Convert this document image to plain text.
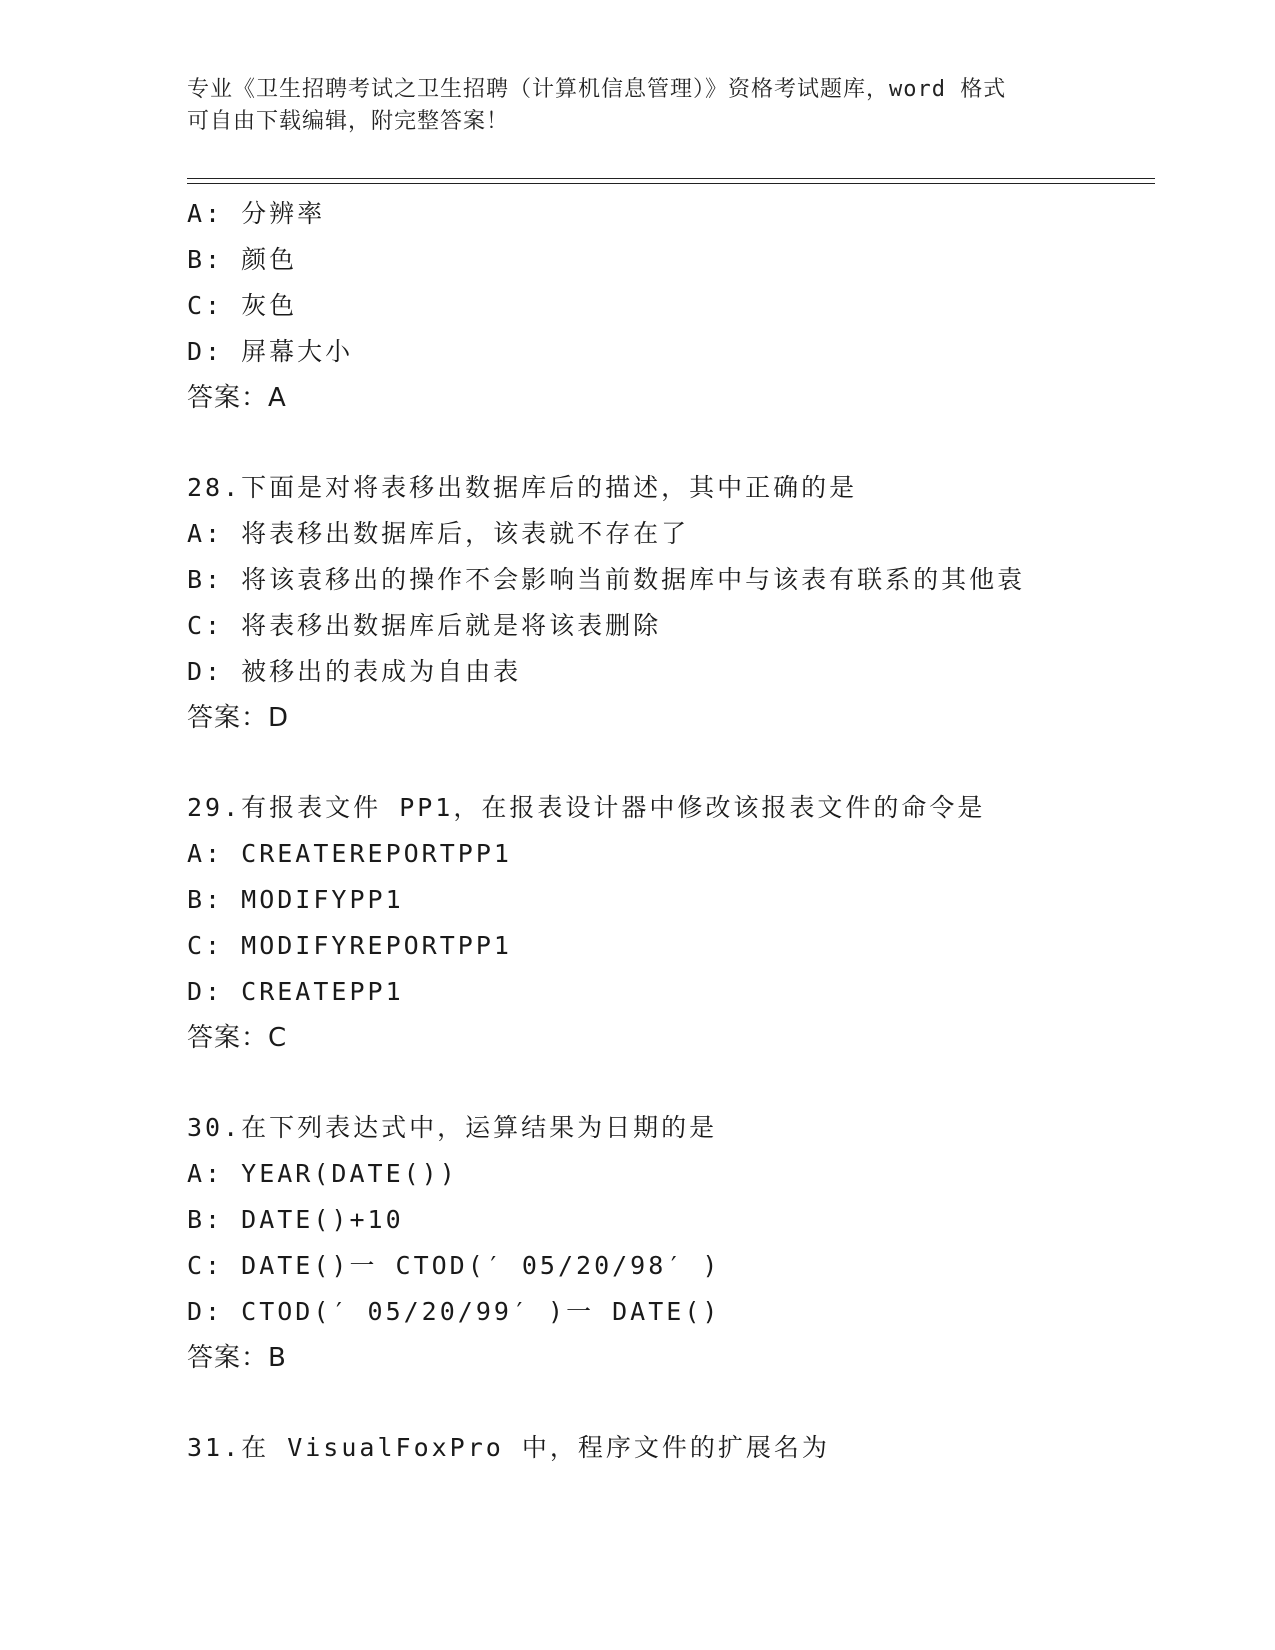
专业《卫生招聘考试之卫生招聘（计算机信息管理）》资格考试题库，word 格式
可自由下载编辑，附完整答案！
A: 分辨率
B: 颜色
C: 灰色
D: 屏幕大小
答案：A
28.下面是对将表移出数据库后的描述，其中正确的是
A: 将表移出数据库后，该表就不存在了
B: 将该袁移出的操作不会影响当前数据库中与该表有联系的其他袁
C: 将表移出数据库后就是将该表删除
D: 被移出的表成为自由表
答案：D
29.有报表文件 PP1，在报表设计器中修改该报表文件的命令是
A: CREATEREPORTPP1
B: MODIFYPP1
C: MODIFYREPORTPP1
D: CREATEPP1
答案：C
30.在下列表达式中，运算结果为日期的是
A: YEAR(DATE())
B: DATE()+10
C: DATE()一 CTOD(′ 05/20/98′ )
D: CTOD(′ 05/20/99′ )一 DATE()
答案：B
31.在 VisualFoxPro 中，程序文件的扩展名为
